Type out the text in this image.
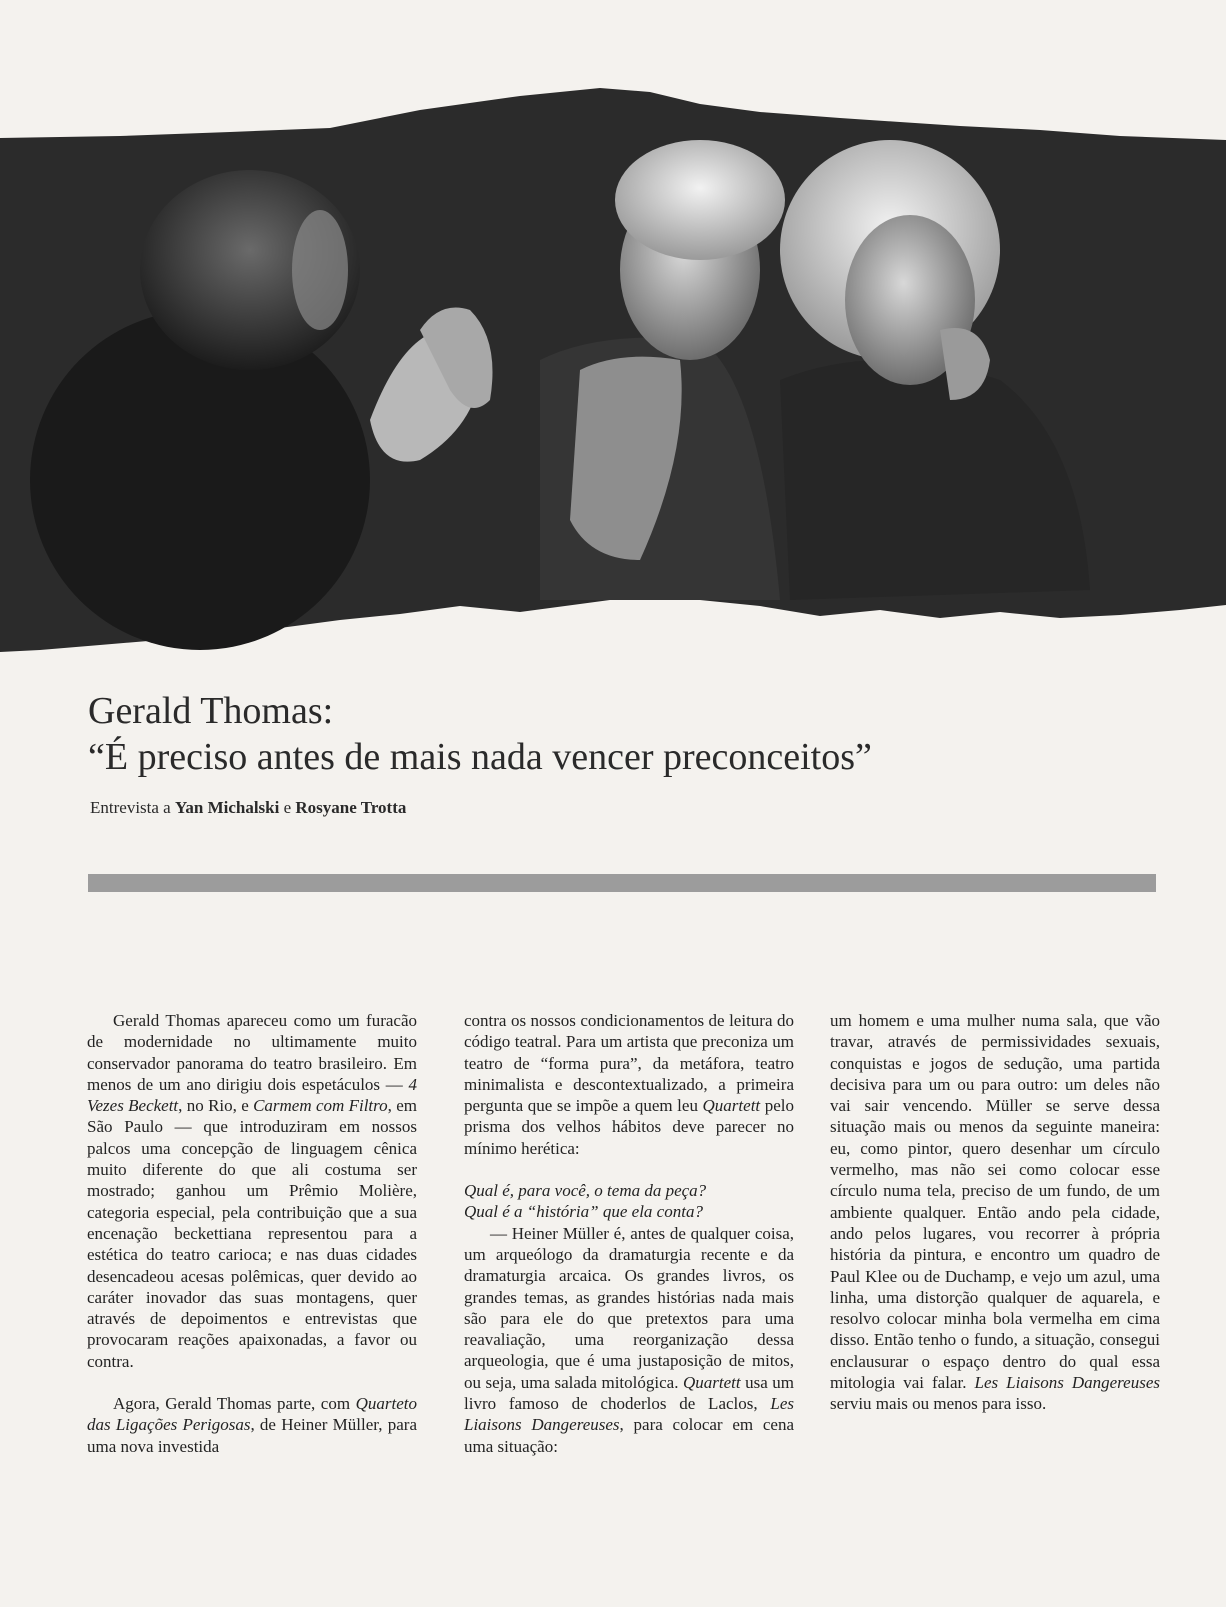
Gerald Thomas:
“É preciso antes de mais nada vencer preconceitos”

Entrevista a Yan Michalski e Rosyane Trotta

Gerald Thomas apareceu como um furacão de modernidade no ultimamente muito conservador panorama do teatro brasileiro. Em menos de um ano dirigiu dois espetáculos — 4 Vezes Beckett, no Rio, e Carmem com Filtro, em São Paulo — que introduziram em nossos palcos uma concepção de linguagem cênica muito diferente do que ali costuma ser mostrado; ganhou um Prêmio Molière, categoria especial, pela contribuição que a sua encenação beckettiana representou para a estética do teatro carioca; e nas duas cidades desencadeou acesas polêmicas, quer devido ao caráter inovador das suas montagens, quer através de depoimentos e entrevistas que provocaram reações apaixonadas, a favor ou contra.

Agora, Gerald Thomas parte, com Quarteto das Ligações Perigosas, de Heiner Müller, para uma nova investida

contra os nossos condicionamentos de leitura do código teatral. Para um artista que preconiza um teatro de “forma pura”, da metáfora, teatro minimalista e descontextualizado, a primeira pergunta que se impõe a quem leu Quartett pelo prisma dos velhos hábitos deve parecer no mínimo herética:

Qual é, para você, o tema da peça?
Qual é a “história” que ela conta?

— Heiner Müller é, antes de qualquer coisa, um arqueólogo da dramaturgia recente e da dramaturgia arcaica. Os grandes livros, os grandes temas, as grandes histórias nada mais são para ele do que pretextos para uma reavaliação, uma reorganização dessa arqueologia, que é uma justaposição de mitos, ou seja, uma salada mitológica. Quartett usa um livro famoso de choderlos de Laclos, Les Liaisons Dangereuses, para colocar em cena uma situação:

um homem e uma mulher numa sala, que vão travar, através de permissividades sexuais, conquistas e jogos de sedução, uma partida decisiva para um ou para outro: um deles não vai sair vencendo. Müller se serve dessa situação mais ou menos da seguinte maneira: eu, como pintor, quero desenhar um círculo vermelho, mas não sei como colocar esse círculo numa tela, preciso de um fundo, de um ambiente qualquer. Então ando pela cidade, ando pelos lugares, vou recorrer à própria história da pintura, e encontro um quadro de Paul Klee ou de Duchamp, e vejo um azul, uma linha, uma distorção qualquer de aquarela, e resolvo colocar minha bola vermelha em cima disso. Então tenho o fundo, a situação, consegui enclausurar o espaço dentro do qual essa mitologia vai falar. Les Liaisons Dangereuses serviu mais ou menos para isso.
